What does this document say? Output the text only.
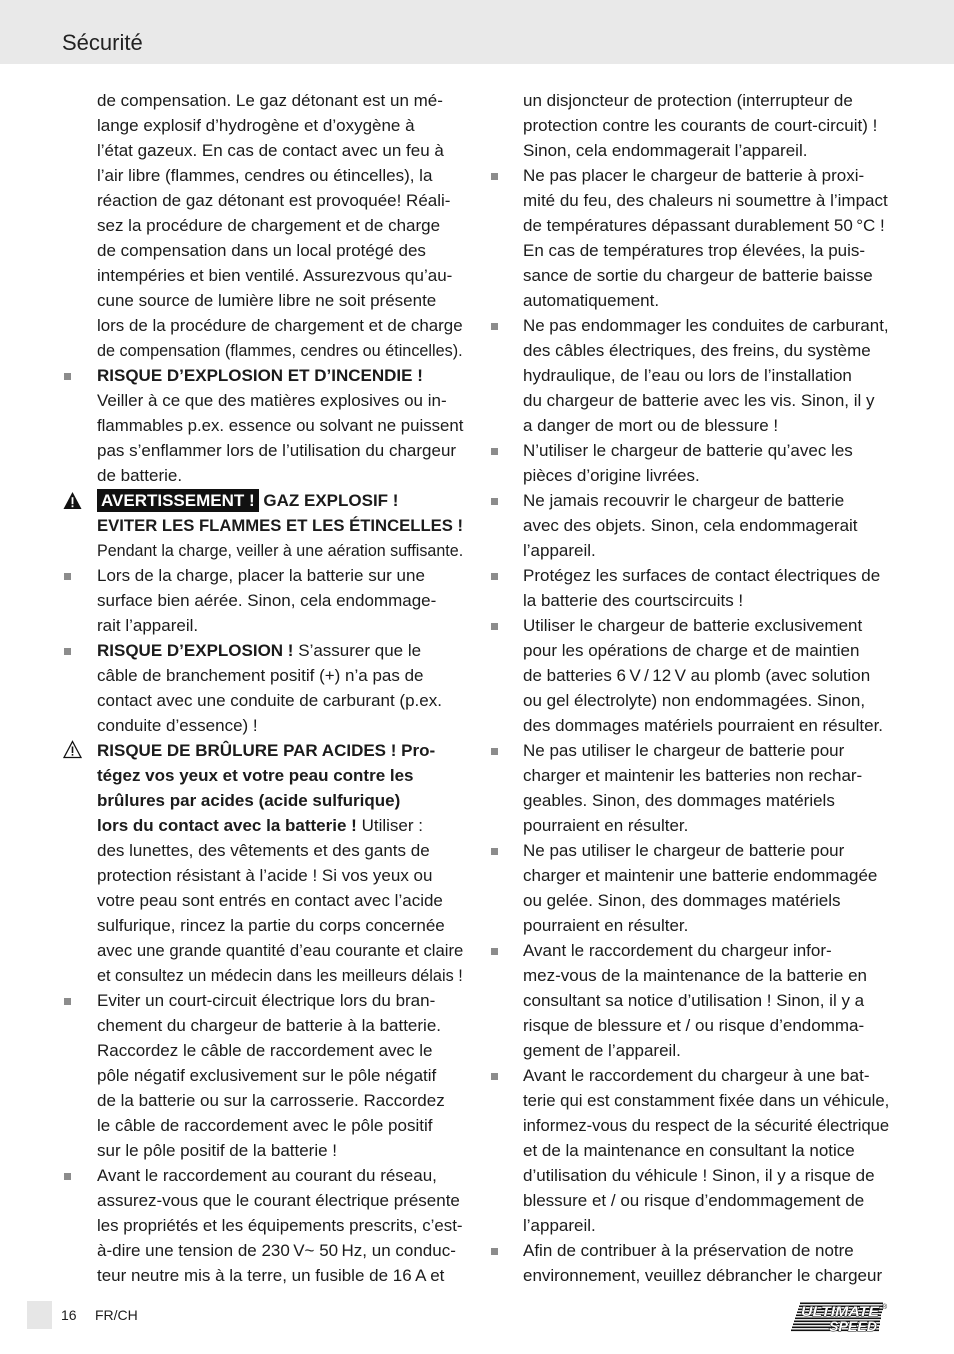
Sécurité
de compensation. Le gaz détonant est un mé-
lange explosif d’hydrogène et d’oxygène à
l’état gazeux. En cas de contact avec un feu à
l’air libre (flammes, cendres ou étincelles), la
réaction de gaz détonant est provoquée! Réali-
sez la procédure de chargement et de charge
de compensation dans un local protégé des
intempéries et bien ventilé. Assurezvous qu’au-
cune source de lumière libre ne soit présente
lors de la procédure de chargement et de charge
de compensation (flammes, cendres ou étincelles).
RISQUE D’EXPLOSION ET D’INCENDIE !
Veiller à ce que des matières explosives ou in-
flammables p.ex. essence ou solvant ne puissent
pas s’enflammer lors de l’utilisation du chargeur
de batterie.
AVERTISSEMENT ! GAZ EXPLOSIF !
EVITER LES FLAMMES ET LES ÉTINCELLES !
Pendant la charge, veiller à une aération suffisante.
Lors de la charge, placer la batterie sur une
surface bien aérée. Sinon, cela endommage-
rait l’appareil.
RISQUE D’EXPLOSION ! S’assurer que le
câble de branchement positif (+) n’a pas de
contact avec une conduite de carburant (p.ex.
conduite d’essence) !
RISQUE DE BRÛLURE PAR ACIDES ! Pro-
tégez vos yeux et votre peau contre les
brûlures par acides (acide sulfurique)
lors du contact avec la batterie ! Utiliser :
des lunettes, des vêtements et des gants de
protection résistant à l’acide ! Si vos yeux ou
votre peau sont entrés en contact avec l’acide
sulfurique, rincez la partie du corps concernée
avec une grande quantité d’eau courante et claire
et consultez un médecin dans les meilleurs délais !
Eviter un court-circuit électrique lors du bran-
chement du chargeur de batterie à la batterie.
Raccordez le câble de raccordement avec le
pôle négatif exclusivement sur le pôle négatif
de la batterie ou sur la carrosserie. Raccordez
le câble de raccordement avec le pôle positif
sur le pôle positif de la batterie !
Avant le raccordement au courant du réseau,
assurez-vous que le courant électrique présente
les propriétés et les équipements prescrits, c’est-
à-dire une tension de 230 V~ 50 Hz, un conduc-
teur neutre mis à la terre, un fusible de 16 A et
un disjoncteur de protection (interrupteur de
protection contre les courants de court-circuit) !
Sinon, cela endommagerait l’appareil.
Ne pas placer le chargeur de batterie à proxi-
mité du feu, des chaleurs ni soumettre à l’impact
de températures dépassant durablement 50 °C !
En cas de températures trop élevées, la puis-
sance de sortie du chargeur de batterie baisse
automatiquement.
Ne pas endommager les conduites de carburant,
des câbles électriques, des freins, du système
hydraulique, de l’eau ou lors de l’installation
du chargeur de batterie avec les vis. Sinon, il y
a danger de mort ou de blessure !
N’utiliser le chargeur de batterie qu’avec les
pièces d’origine livrées.
Ne jamais recouvrir le chargeur de batterie
avec des objets. Sinon, cela endommagerait
l’appareil.
Protégez les surfaces de contact électriques de
la batterie des courtscircuits !
Utiliser le chargeur de batterie exclusivement
pour les opérations de charge et de maintien
de batteries 6 V / 12 V au plomb (avec solution
ou gel électrolyte) non endommagées. Sinon,
des dommages matériels pourraient en résulter.
Ne pas utiliser le chargeur de batterie pour
charger et maintenir les batteries non rechar-
geables. Sinon, des dommages matériels
pourraient en résulter.
Ne pas utiliser le chargeur de batterie pour
charger et maintenir une batterie endommagée
ou gelée. Sinon, des dommages matériels
pourraient en résulter.
Avant le raccordement du chargeur infor-
mez-vous de la maintenance de la batterie en
consultant sa notice d’utilisation ! Sinon, il y a
risque de blessure et / ou risque d’endomma-
gement de l’appareil.
Avant le raccordement du chargeur à une bat-
terie qui est constamment fixée dans un véhicule,
informez-vous du respect de la sécurité électrique
et de la maintenance en consultant la notice
d’utilisation du véhicule ! Sinon, il y a risque de
blessure et / ou risque d’endommagement de
l’appareil.
Afin de contribuer à la préservation de notre
environnement, veuillez débrancher le chargeur
16 FR/CH	ULTIMATE
SPEED
®
